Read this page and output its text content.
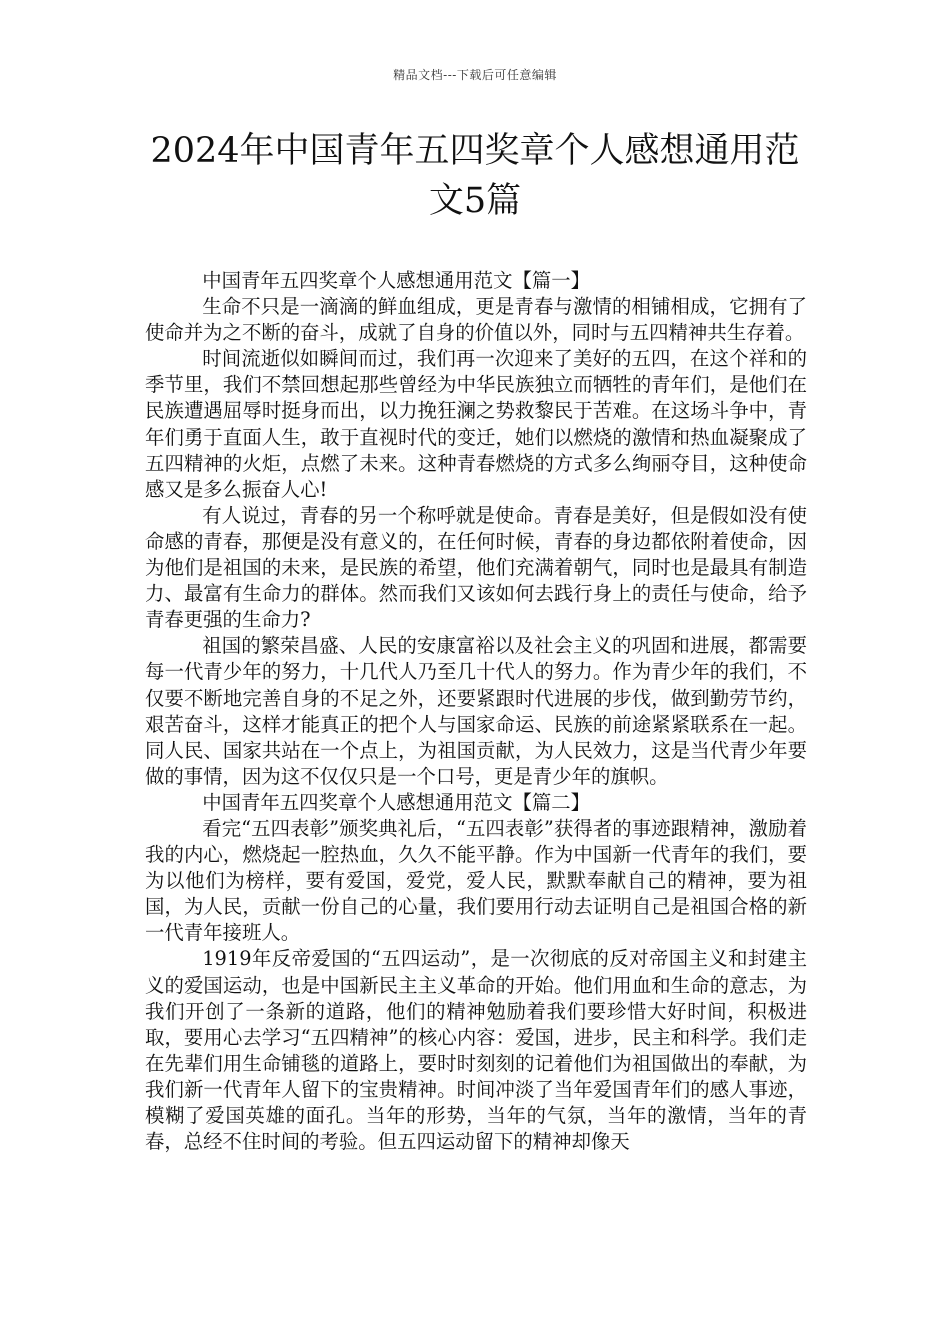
精品文档---下载后可任意编辑
2024年中国青年五四奖章个人感想通用范文5篇

中国青年五四奖章个人感想通用范文【篇一】

生命不只是一滴滴的鲜血组成，更是青春与激情的相铺相成，它拥有了使命并为之不断的奋斗，成就了自身的价值以外，同时与五四精神共生存着。

时间流逝似如瞬间而过，我们再一次迎来了美好的五四，在这个祥和的季节里，我们不禁回想起那些曾经为中华民族独立而牺牲的青年们，是他们在民族遭遇屈辱时挺身而出，以力挽狂澜之势救黎民于苦难。在这场斗争中，青年们勇于直面人生，敢于直视时代的变迁，她们以燃烧的激情和热血凝聚成了五四精神的火炬，点燃了未来。这种青春燃烧的方式多么绚丽夺目，这种使命感又是多么振奋人心!

有人说过，青春的另一个称呼就是使命。青春是美好，但是假如没有使命感的青春，那便是没有意义的，在任何时候，青春的身边都依附着使命，因为他们是祖国的未来，是民族的希望，他们充满着朝气，同时也是最具有制造力、最富有生命力的群体。然而我们又该如何去践行身上的责任与使命，给予青春更强的生命力?

祖国的繁荣昌盛、人民的安康富裕以及社会主义的巩固和进展，都需要每一代青少年的努力，十几代人乃至几十代人的努力。作为青少年的我们，不仅要不断地完善自身的不足之外，还要紧跟时代进展的步伐，做到勤劳节约，艰苦奋斗，这样才能真正的把个人与国家命运、民族的前途紧紧联系在一起。同人民、国家共站在一个点上，为祖国贡献，为人民效力，这是当代青少年要做的事情，因为这不仅仅只是一个口号，更是青少年的旗帜。

中国青年五四奖章个人感想通用范文【篇二】

看完“五四表彰”颁奖典礼后，“五四表彰”获得者的事迹跟精神，激励着我的内心，燃烧起一腔热血，久久不能平静。作为中国新一代青年的我们，要为以他们为榜样，要有爱国，爱党，爱人民，默默奉献自己的精神，要为祖国，为人民，贡献一份自己的心量，我们要用行动去证明自己是祖国合格的新一代青年接班人。

1919年反帝爱国的“五四运动”，是一次彻底的反对帝国主义和封建主义的爱国运动，也是中国新民主主义革命的开始。他们用血和生命的意志，为我们开创了一条新的道路，他们的精神勉励着我们要珍惜大好时间，积极进取，要用心去学习“五四精神”的核心内容：爱国，进步，民主和科学。我们走在先辈们用生命铺毯的道路上，要时时刻刻的记着他们为祖国做出的奉献，为我们新一代青年人留下的宝贵精神。时间冲淡了当年爱国青年们的感人事迹，模糊了爱国英雄的面孔。当年的形势，当年的气氛，当年的激情，当年的青春，总经不住时间的考验。但五四运动留下的精神却像天
